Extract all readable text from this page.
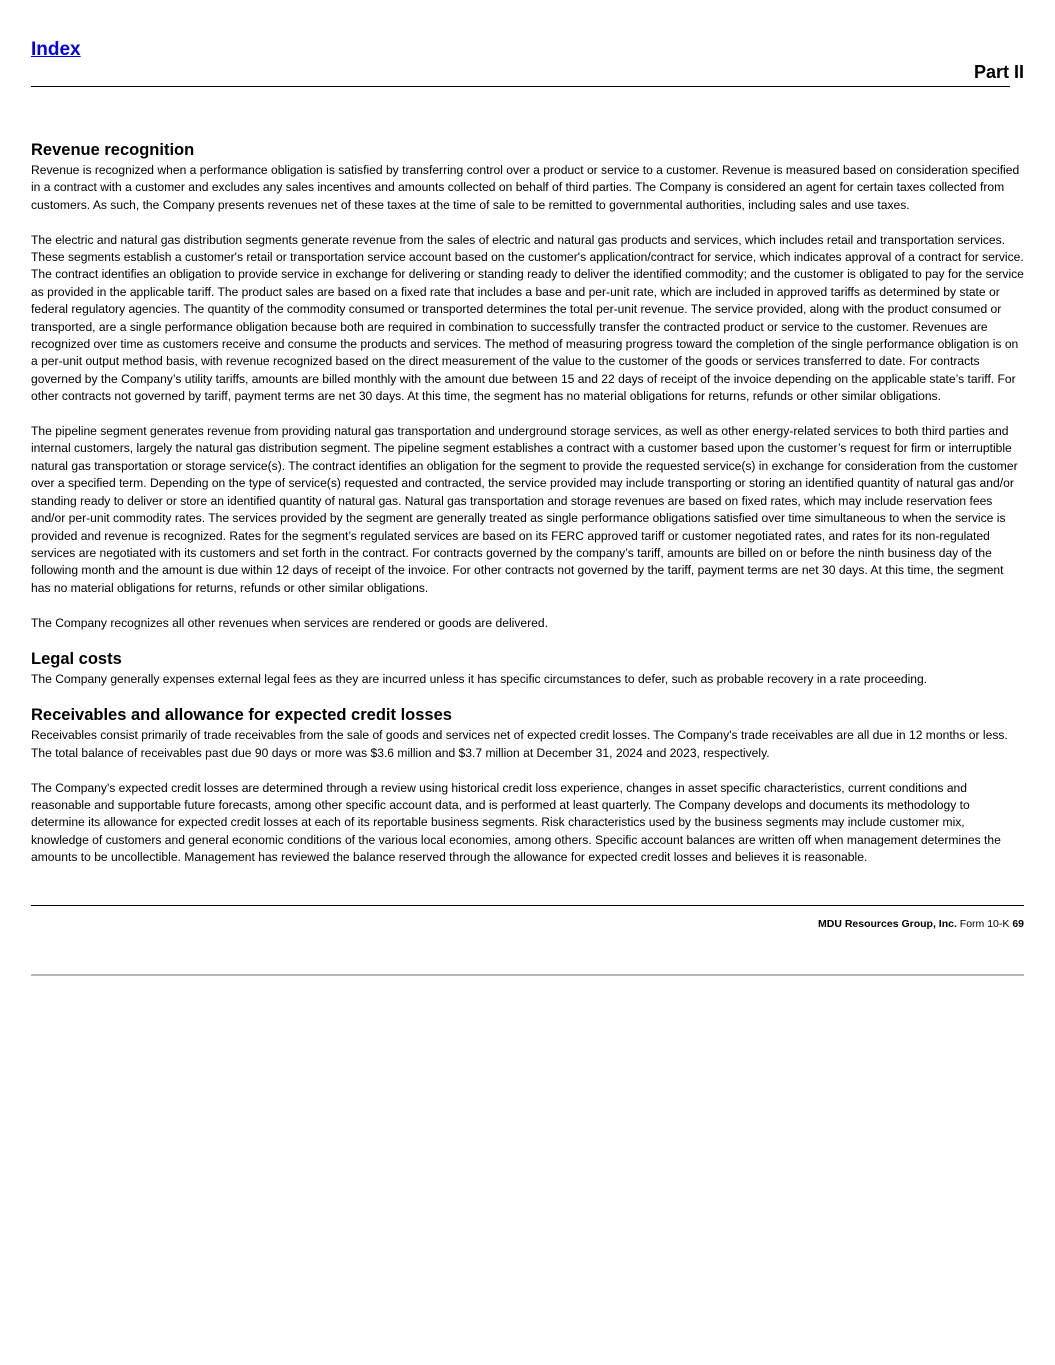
Index
Part II
Revenue recognition

Revenue is recognized when a performance obligation is satisfied by transferring control over a product or service to a customer. Revenue is measured based on consideration specified in a contract with a customer and excludes any sales incentives and amounts collected on behalf of third parties. The Company is considered an agent for certain taxes collected from customers. As such, the Company presents revenues net of these taxes at the time of sale to be remitted to governmental authorities, including sales and use taxes.

The electric and natural gas distribution segments generate revenue from the sales of electric and natural gas products and services, which includes retail and transportation services. These segments establish a customer's retail or transportation service account based on the customer's application/contract for service, which indicates approval of a contract for service. The contract identifies an obligation to provide service in exchange for delivering or standing ready to deliver the identified commodity; and the customer is obligated to pay for the service as provided in the applicable tariff. The product sales are based on a fixed rate that includes a base and per-unit rate, which are included in approved tariffs as determined by state or federal regulatory agencies. The quantity of the commodity consumed or transported determines the total per-unit revenue. The service provided, along with the product consumed or transported, are a single performance obligation because both are required in combination to successfully transfer the contracted product or service to the customer. Revenues are recognized over time as customers receive and consume the products and services. The method of measuring progress toward the completion of the single performance obligation is on a per-unit output method basis, with revenue recognized based on the direct measurement of the value to the customer of the goods or services transferred to date. For contracts governed by the Company’s utility tariffs, amounts are billed monthly with the amount due between 15 and 22 days of receipt of the invoice depending on the applicable state’s tariff. For other contracts not governed by tariff, payment terms are net 30 days. At this time, the segment has no material obligations for returns, refunds or other similar obligations.

The pipeline segment generates revenue from providing natural gas transportation and underground storage services, as well as other energy-related services to both third parties and internal customers, largely the natural gas distribution segment. The pipeline segment establishes a contract with a customer based upon the customer’s request for firm or interruptible natural gas transportation or storage service(s). The contract identifies an obligation for the segment to provide the requested service(s) in exchange for consideration from the customer over a specified term. Depending on the type of service(s) requested and contracted, the service provided may include transporting or storing an identified quantity of natural gas and/or standing ready to deliver or store an identified quantity of natural gas. Natural gas transportation and storage revenues are based on fixed rates, which may include reservation fees and/or per-unit commodity rates. The services provided by the segment are generally treated as single performance obligations satisfied over time simultaneous to when the service is provided and revenue is recognized. Rates for the segment’s regulated services are based on its FERC approved tariff or customer negotiated rates, and rates for its non-regulated services are negotiated with its customers and set forth in the contract. For contracts governed by the company’s tariff, amounts are billed on or before the ninth business day of the following month and the amount is due within 12 days of receipt of the invoice. For other contracts not governed by the tariff, payment terms are net 30 days. At this time, the segment has no material obligations for returns, refunds or other similar obligations.

The Company recognizes all other revenues when services are rendered or goods are delivered.

Legal costs

The Company generally expenses external legal fees as they are incurred unless it has specific circumstances to defer, such as probable recovery in a rate proceeding.

Receivables and allowance for expected credit losses

Receivables consist primarily of trade receivables from the sale of goods and services net of expected credit losses. The Company's trade receivables are all due in 12 months or less. The total balance of receivables past due 90 days or more was $3.6 million and $3.7 million at December 31, 2024 and 2023, respectively.

The Company's expected credit losses are determined through a review using historical credit loss experience, changes in asset specific characteristics, current conditions and reasonable and supportable future forecasts, among other specific account data, and is performed at least quarterly. The Company develops and documents its methodology to determine its allowance for expected credit losses at each of its reportable business segments. Risk characteristics used by the business segments may include customer mix, knowledge of customers and general economic conditions of the various local economies, among others. Specific account balances are written off when management determines the amounts to be uncollectible. Management has reviewed the balance reserved through the allowance for expected credit losses and believes it is reasonable.

MDU Resources Group, Inc. Form 10-K 69
